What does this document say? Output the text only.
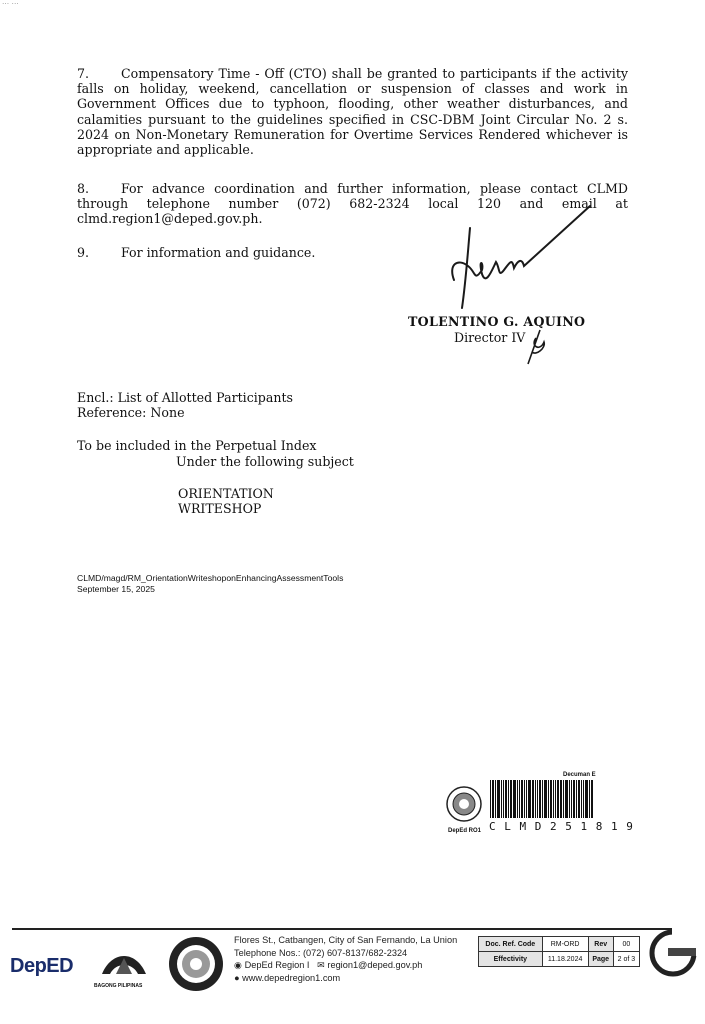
... ...
7.	Compensatory Time - Off (CTO) shall be granted to participants if the activity falls on holiday, weekend, cancellation or suspension of classes and work in Government Offices due to typhoon, flooding, other weather disturbances, and calamities pursuant to the guidelines specified in CSC-DBM Joint Circular No. 2 s. 2024 on Non-Monetary Remuneration for Overtime Services Rendered whichever is appropriate and applicable.
8.	For advance coordination and further information, please contact CLMD through telephone number (072) 682-2324 local 120 and email at clmd.region1@deped.gov.ph.
9.	For information and guidance.
TOLENTINO G. AQUINO
Director IV
Encl.: List of Allotted Participants
Reference: None
To be included in the Perpetual Index
Under the following subject
ORIENTATION
WRITESHOP
CLMD/magd/RM_OrientationWriteshoponEnhancingAssessmentTools
September 15, 2025
Decuman E
DepEd RO1 C L M D 2 5 1 8 1 9
DepED
BAGONG PILIPINAS
Flores St., Catbangen, City of San Fernando, La Union
Telephone Nos.: (072) 607-8137/682-2324
◉ DepEd Region I ✉ region1@deped.gov.ph
● www.depedregion1.com
Doc. Ref. Code	RM-ORD	Rev	00
Effectivity	11.18.2024	Page	2 of 3
